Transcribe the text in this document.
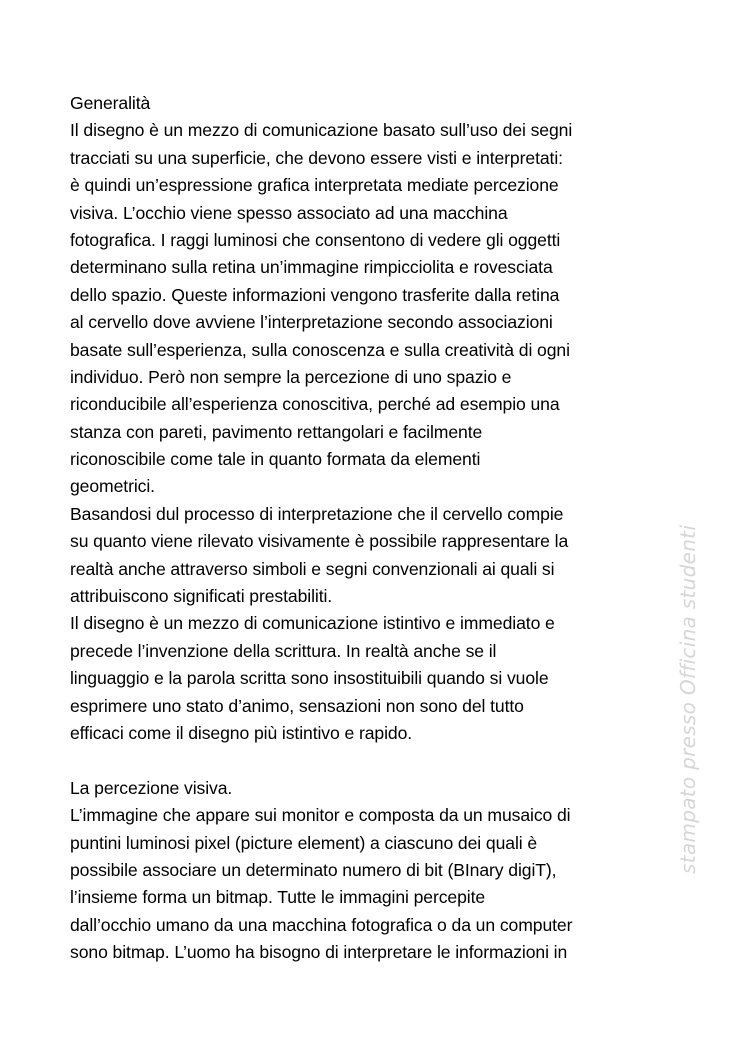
Generalità
Il disegno è un mezzo di comunicazione basato sull’uso dei segni
tracciati su una superficie, che devono essere visti e interpretati:
è quindi un’espressione grafica interpretata mediate percezione
visiva. L’occhio viene spesso associato ad una macchina
fotografica. I raggi luminosi che consentono di vedere gli oggetti
determinano sulla retina un’immagine rimpicciolita e rovesciata
dello spazio. Queste informazioni vengono trasferite dalla retina
al cervello dove avviene l’interpretazione secondo associazioni
basate sull’esperienza, sulla conoscenza e sulla creatività di ogni
individuo. Però non sempre la percezione di uno spazio e
riconducibile all’esperienza conoscitiva, perché ad esempio una
stanza con pareti, pavimento rettangolari e facilmente
riconoscibile come tale in quanto formata da elementi
geometrici.
Basandosi dul processo di interpretazione che il cervello compie
su quanto viene rilevato visivamente è possibile rappresentare la
realtà anche attraverso simboli e segni convenzionali ai quali si
attribuiscono significati prestabiliti.
Il disegno è un mezzo di comunicazione istintivo e immediato e
precede l’invenzione della scrittura. In realtà anche se il
linguaggio e la parola scritta sono insostituibili quando si vuole
esprimere uno stato d’animo, sensazioni non sono del tutto
efficaci come il disegno più istintivo e rapido.
La percezione visiva.
L’immagine che appare sui monitor e composta da un musaico di
puntini luminosi pixel (picture element) a ciascuno dei quali è
possibile associare un determinato numero di bit (BInary digiT),
l’insieme forma un bitmap. Tutte le immagini percepite
dall’occhio umano da una macchina fotografica o da un computer
sono bitmap. L’uomo ha bisogno di interpretare le informazioni in
stampato presso Officina studenti
